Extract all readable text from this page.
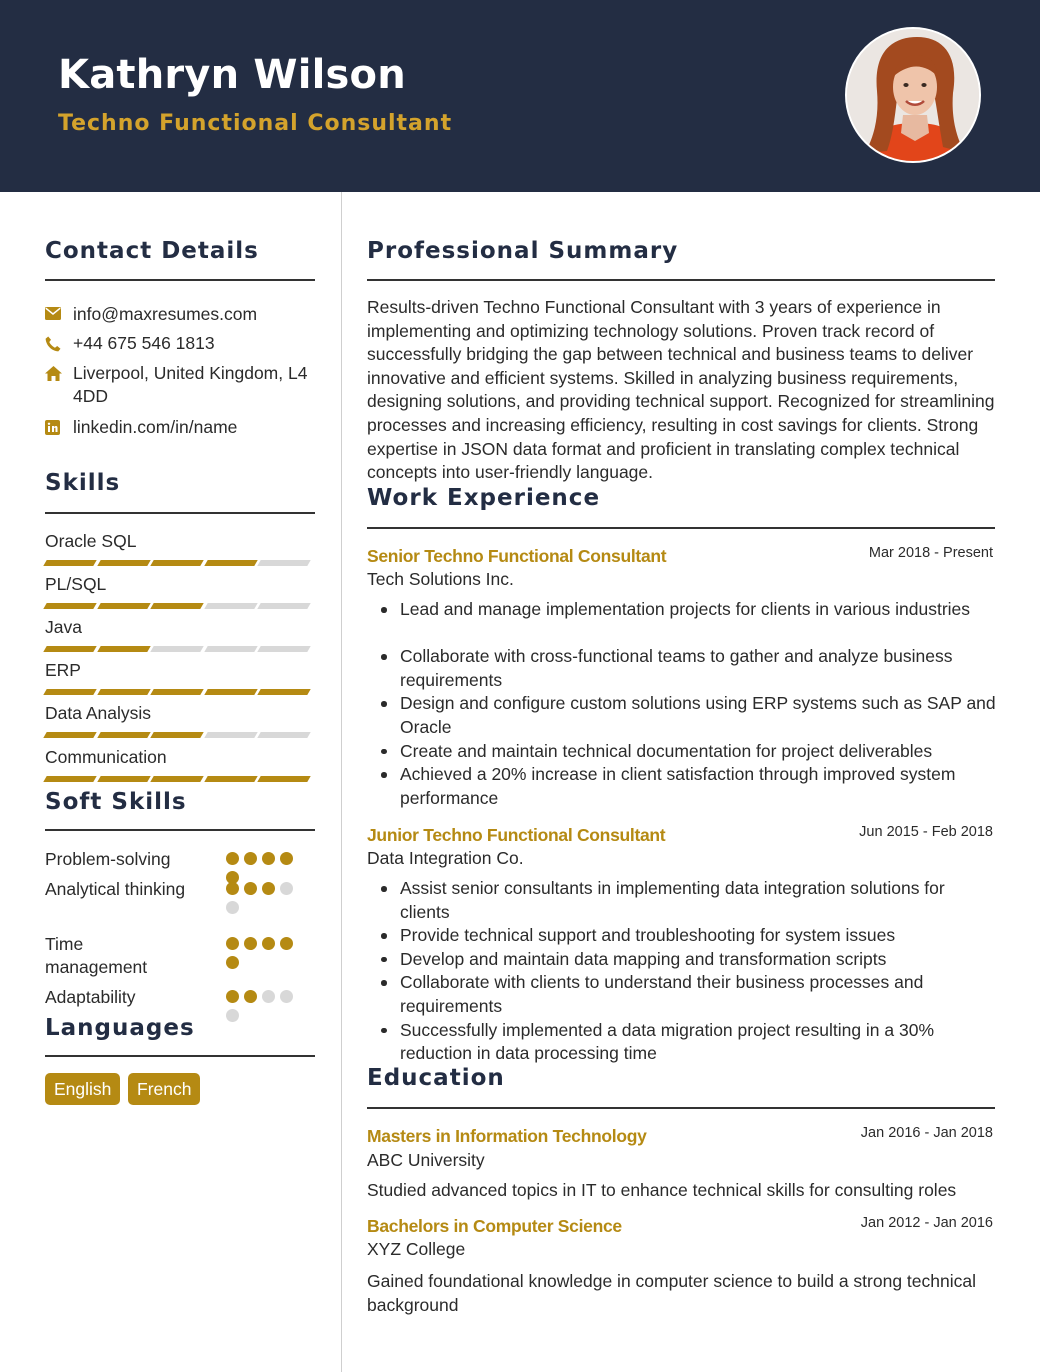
Kathryn Wilson
Techno Functional Consultant
Contact Details
info@maxresumes.com
+44 675 546 1813
Liverpool, United Kingdom, L4 4DD
linkedin.com/in/name
Skills
Oracle SQL
PL/SQL
Java
ERP
Data Analysis
Communication
Soft Skills
Problem-solving
Analytical thinking
Time management
Adaptability
Languages
English	French
Professional Summary
Results-driven Techno Functional Consultant with 3 years of experience in implementing and optimizing technology solutions. Proven track record of successfully bridging the gap between technical and business teams to deliver innovative and efficient systems. Skilled in analyzing business requirements, designing solutions, and providing technical support. Recognized for streamlining processes and increasing efficiency, resulting in cost savings for clients. Strong expertise in JSON data format and proficient in translating complex technical concepts into user-friendly language.
Work Experience
Senior Techno Functional Consultant	Mar 2018 - Present
Tech Solutions Inc.
Lead and manage implementation projects for clients in various industries
Collaborate with cross-functional teams to gather and analyze business requirements
Design and configure custom solutions using ERP systems such as SAP and Oracle
Create and maintain technical documentation for project deliverables
Achieved a 20% increase in client satisfaction through improved system performance
Junior Techno Functional Consultant	Jun 2015 - Feb 2018
Data Integration Co.
Assist senior consultants in implementing data integration solutions for clients
Provide technical support and troubleshooting for system issues
Develop and maintain data mapping and transformation scripts
Collaborate with clients to understand their business processes and requirements
Successfully implemented a data migration project resulting in a 30% reduction in data processing time
Education
Masters in Information Technology	Jan 2016 - Jan 2018
ABC University
Studied advanced topics in IT to enhance technical skills for consulting roles
Bachelors in Computer Science	Jan 2012 - Jan 2016
XYZ College
Gained foundational knowledge in computer science to build a strong technical background
